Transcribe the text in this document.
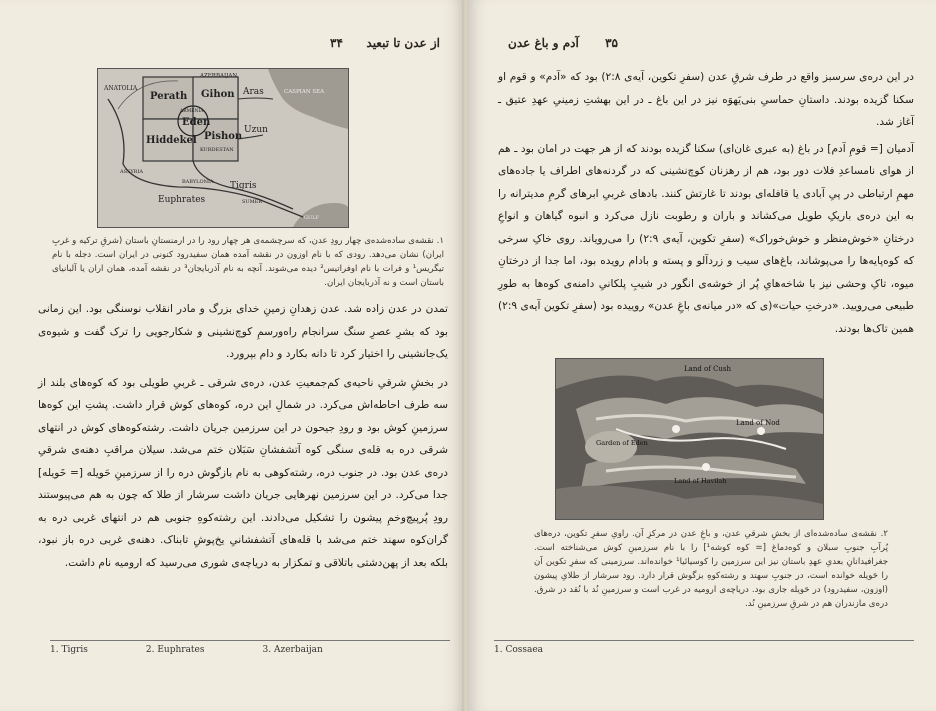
از عدن تا تبعید
۳۴
ANATOLIA
AZERBAIJAN
CASPIAN SEA
Perath Gihon Aras
ARMENIA
Eden
Hiddekel Pishon
Uzun
KURDESTAN
ASSYRIA
BABYLONIA Tigris
Euphrates	SUMER
GULF
۱. نقشه‌ی ساده‌شده‌ی چهار رودِ عدن، که سرچشمه‌ی هر چهار رود را در ارمنستانِ باستان (شرقِ ترکیه و غربِ ایران) نشان می‌دهد. رودی که با نام اوزون در نقشه آمده همان سفیدرود کنونی در ایران است. دجله با نام تیگریس¹ و فرات با نام اوفراتیس² دیده می‌شوند. آنچه به نام آذربایجان³ در نقشه آمده، همان اران یا آلبانیای باستان است و نه آذربایجان ایران.

تمدن در عدن زاده شد. عدن زهدانِ زمینِ خدای بزرگ و مادر انقلاب نوسنگی بود. این زمانی بود که بشرِ عصرِ سنگ سرانجام راه‌ورسمِ کوچ‌نشینی و شکارجویی را ترک گفت و شیوه‌ی یک‌جانشینی را اختیار کرد تا دانه بکارد و دام بپرورد.

در بخشِ شرقیِ ناحیه‌ی کم‌جمعیتِ عدن، دره‌ی شرقی ـ غربیِ طویلی بود که کوه‌های بلند از سه طرف احاطه‌اش می‌کرد. در شمالِ این دره، کوه‌های کوش قرار داشت. پشتِ این کوه‌ها سرزمینِ کوش بود و رودِ جیحون در این سرزمین جریان داشت. رشته‌کوه‌های کوش در انتهای شرقی دره به قله‌ی سنگی کوه آتشفشانِ سَبَلان ختم می‌شد. سیلان مراقبِ دهنه‌ی شرقیِ دره‌ی عدن بود. در جنوب دره، رشته‌کوهی به نام بازگوش دره را از سرزمینِ حَویله [= خَویله] جدا می‌کرد. در این سرزمین نهرهایی جریان داشت سرشار از طلا که چون به هم می‌پیوستند رودِ پُرپیچ‌وخمِ پیشون را تشکیل می‌دادند. این رشته‌کوهِ جنوبی هم در انتهای غربی دره به گران‌کوه سهند ختم می‌شد با قله‌های آتشفشانیِ یخ‌پوشِ تابناک. دهنه‌ی غربی دره باز نبود، بلکه بعد از پهن‌دشتی باتلاقی و تمکزار به دریاچه‌ی شوری می‌رسید که ارومیه نام داشت.

1. Tigris	2. Euphrates	3. Azerbaijan
۳۵
آدم و باغ عدن

در این دره‌ی سرسبز واقع در طرف شرقِ عدن (سفرِ تکوین، آیه‌ی ۲:۸) بود که «آدم» و قوم او سکنا گزیده بودند. داستانِ حماسیِ بنی‌یَهوَه نیز در این باغ ـ در این بهشتِ زمینیِ عهدِ عتیق ـ آغاز شد.

آدمیان [= قومِ آدم] در باغ (به عبری غان‌ای) سکنا گزیده بودند که از هر جهت در امان بود ـ هم از هوای نامساعدِ فلات دور بود، هم از رهزنان کوچ‌نشینی که در گردنه‌های اطراف یا جاده‌های مهمِ ارتباطی در پیِ آبادی یا قافله‌ای بودند تا غارتش کنند. بادهای غربیِ ابرهای گرمِ مدیترانه را به این دره‌ی باریکِ طویل می‌کشاند و باران و رطوبت نازل می‌کرد و انبوه گیاهان و انواعِ درختانِ «خوش‌منظر و خوش‌خوراک» (سفرِ تکوین، آیه‌ی ۲:۹) را می‌رویاند. روی خاکِ سرخی که کوه‌پایه‌ها را می‌پوشاند، باغ‌های سیب و زردآلو و پسته و بادام رویده بود، اما جدا از درختانِ میوه، تاکِ وحشی نیز با شاخه‌هایِ پُر از خوشه‌ی انگور در شیبِ پلکانیِ دامنه‌ی کوه‌ها به طورِ طبیعی می‌رویید. «درختِ حیات»(ی که «در میانه‌ی باغِ عدن» روییده بود (سفرِ تکوین آیه‌ی ۲:۹) همین تاک‌ها بودند.

Land of Cush
Land of Nod
Garden of Eden
Land of Havilah
۲. نقشه‌ی ساده‌شده‌ای از بخشِ شرقیِ عدن، و باغِ عدن در مرکزِ آن. راویِ سفرِ تکوین، دره‌های پُرآبِ جنوبِ سبلان و کوه‌دماغ [= کوه کوشه¹] را با نام سرزمینِ کوش می‌شناخته است. جغرافیدانانِ بعدیِ عهدِ باستان نیز این سرزمین را کوسیائیا¹ خوانده‌اند. سرزمینی که سفرِ تکوین آن را حَویله خوانده است، در جنوبِ سهند و رشته‌کوهِ بزگوش قرار دارد. رود سرشار از طلایِ پیشون (اوزون، سفیدرود) در حَویله جاری بود. دریاچه‌ی ارومیه در غرب است و سرزمینِ نُد با نُقد در شرق. دره‌ی مازندران هم در شرقِ سرزمینِ نُد.
1. Cossaea
